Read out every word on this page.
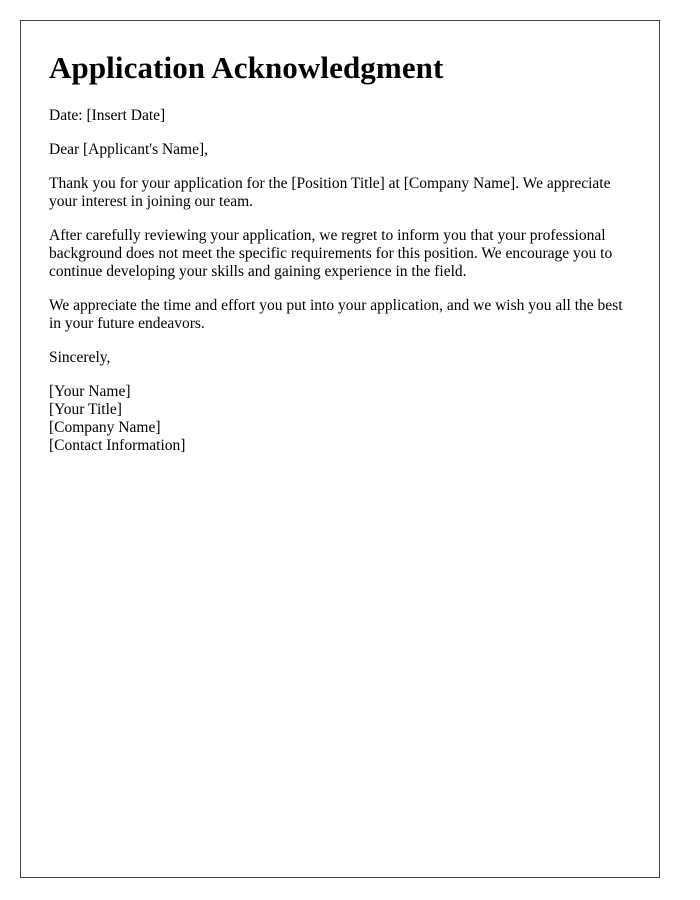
Application Acknowledgment

Date: [Insert Date]

Dear [Applicant's Name],

Thank you for your application for the [Position Title] at [Company Name]. We appreciate your interest in joining our team.

After carefully reviewing your application, we regret to inform you that your professional background does not meet the specific requirements for this position. We encourage you to continue developing your skills and gaining experience in the field.

We appreciate the time and effort you put into your application, and we wish you all the best in your future endeavors.

Sincerely,

[Your Name]
[Your Title]
[Company Name]
[Contact Information]
